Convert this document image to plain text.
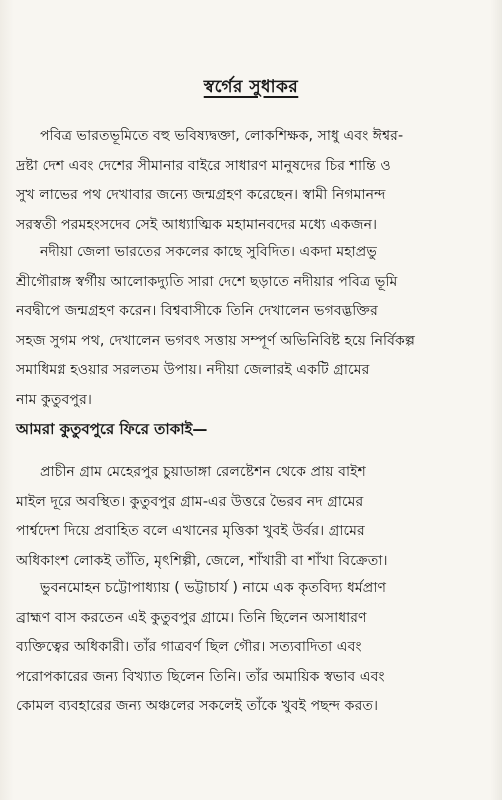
স্বর্গের সুধাকর
পবিত্র ভারতভূমিতে বহু ভবিষ্যদ্বক্তা, লোকশিক্ষক, সাধু এবং ঈশ্বর-
দ্রষ্টা দেশ এবং দেশের সীমানার বাইরে সাধারণ মানুষদের চির শান্তি ও
সুখ লাভের পথ দেখাবার জন্যে জন্মগ্রহণ করেছেন। স্বামী নিগমানন্দ
সরস্বতী পরমহংসদেব সেই আধ্যাত্মিক মহামানবদের মধ্যে একজন।
নদীয়া জেলা ভারতের সকলের কাছে সুবিদিত। একদা মহাপ্রভু
শ্রীগৌরাঙ্গ স্বর্গীয় আলোকদ্যুতি সারা দেশে ছড়াতে নদীয়ার পবিত্র ভূমি
নবদ্বীপে জন্মগ্রহণ করেন। বিশ্ববাসীকে তিনি দেখালেন ভগবদ্ভক্তির
সহজ সুগম পথ, দেখালেন ভগবৎ সত্তায় সম্পূর্ণ অভিনিবিষ্ট হয়ে নির্বিকল্প
সমাধিমগ্ন হওয়ার সরলতম উপায়। নদীয়া জেলারই একটি গ্রামের
নাম কুতুবপুর।
আমরা কুতুবপুরে ফিরে তাকাই—
প্রাচীন গ্রাম মেহেরপুর চুয়াডাঙ্গা রেলষ্টেশন থেকে প্রায় বাইশ
মাইল দূরে অবস্থিত। কুতুবপুর গ্রাম-এর উত্তরে ভৈরব নদ গ্রামের
পার্শ্বদেশ দিয়ে প্রবাহিত বলে এখানের মৃত্তিকা খুবই উর্বর। গ্রামের
অধিকাংশ লোকই তাঁতি, মৃৎশিল্পী, জেলে, শাঁখারী বা শাঁখা বিক্রেতা।
ভুবনমোহন চট্টোপাধ্যায় ( ভট্টাচার্য ) নামে এক কৃতবিদ্য ধর্মপ্রাণ
ব্রাহ্মণ বাস করতেন এই কুতুবপুর গ্রামে। তিনি ছিলেন অসাধারণ
ব্যক্তিত্বের অধিকারী। তাঁর গাত্রবর্ণ ছিল গৌর। সত্যবাদিতা এবং
পরোপকারের জন্য বিখ্যাত ছিলেন তিনি। তাঁর অমায়িক স্বভাব এবং
কোমল ব্যবহারের জন্য অঞ্চলের সকলেই তাঁকে খুবই পছন্দ করত।
